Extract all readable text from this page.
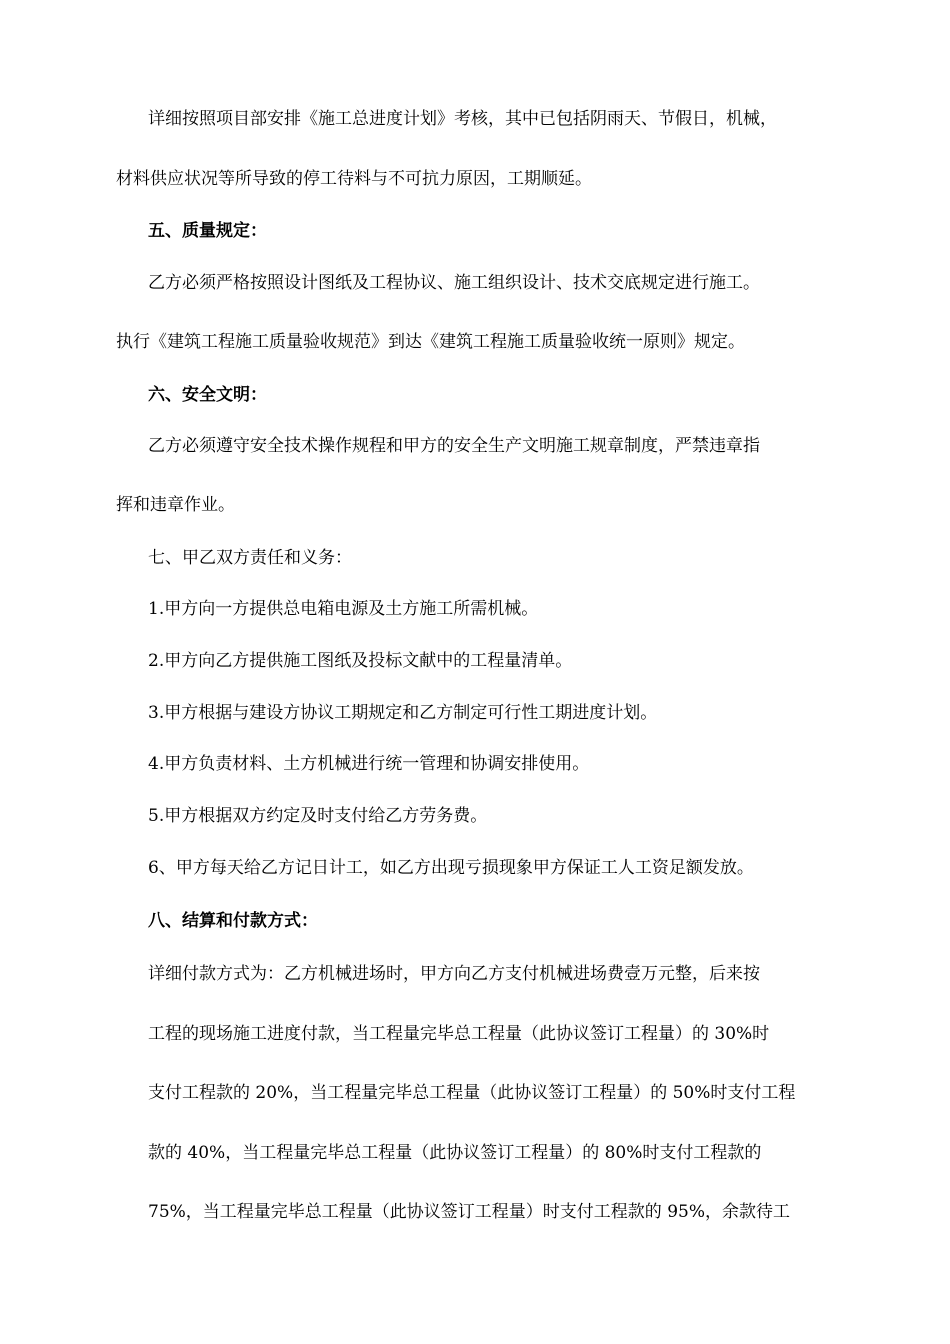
详细按照项目部安排《施工总进度计划》考核，其中已包括阴雨天、节假日，机械，

材料供应状况等所导致的停工待料与不可抗力原因，工期顺延。

五、质量规定：

乙方必须严格按照设计图纸及工程协议、施工组织设计、技术交底规定进行施工。

执行《建筑工程施工质量验收规范》到达《建筑工程施工质量验收统一原则》规定。

六、安全文明：

乙方必须遵守安全技术操作规程和甲方的安全生产文明施工规章制度，严禁违章指

挥和违章作业。

七、甲乙双方责任和义务：

1.甲方向一方提供总电箱电源及土方施工所需机械。

2.甲方向乙方提供施工图纸及投标文献中的工程量清单。

3.甲方根据与建设方协议工期规定和乙方制定可行性工期进度计划。

4.甲方负责材料、土方机械进行统一管理和协调安排使用。

5.甲方根据双方约定及时支付给乙方劳务费。

6、甲方每天给乙方记日计工，如乙方出现亏损现象甲方保证工人工资足额发放。

八、结算和付款方式：

详细付款方式为：乙方机械进场时，甲方向乙方支付机械进场费壹万元整，后来按

工程的现场施工进度付款，当工程量完毕总工程量（此协议签订工程量）的 30%时

支付工程款的 20%，当工程量完毕总工程量（此协议签订工程量）的 50%时支付工程

款的 40%，当工程量完毕总工程量（此协议签订工程量）的 80%时支付工程款的

75%，当工程量完毕总工程量（此协议签订工程量）时支付工程款的 95%，余款待工
